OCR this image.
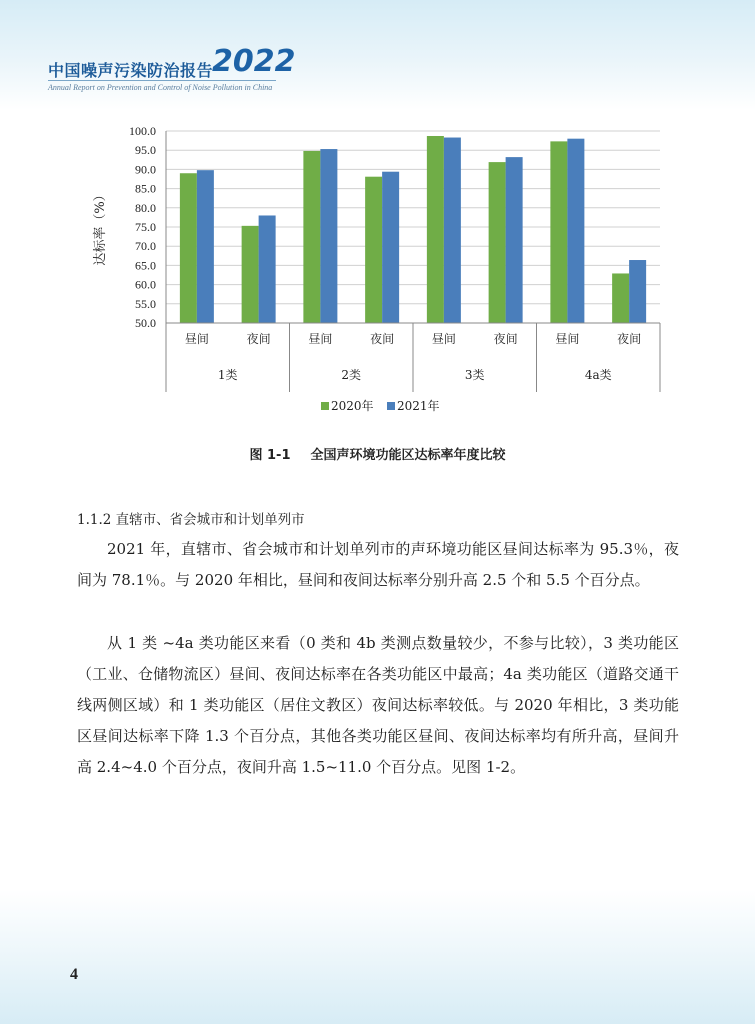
中国噪声污染防治报告
2022
Annual Report on Prevention and Control of Noise Pollution in China
100.0
95.0
90.0
85.0
80.0
75.0
70.0
65.0
60.0
55.0
50.0
达标率（%）
昼间	夜间	昼间	夜间	昼间	夜间	昼间	夜间
1类	2类	3类	4a类
2020年 2021年
图 1-1 全国声环境功能区达标率年度比较
1.1.2 直辖市、省会城市和计划单列市

2021 年，直辖市、省会城市和计划单列市的声环境功能区昼间达标率为 95.3％，夜间为 78.1％。与 2020 年相比，昼间和夜间达标率分别升高 2.5 个和 5.5 个百分点。

从 1 类 ~4a 类功能区来看（0 类和 4b 类测点数量较少，不参与比较），3 类功能区（工业、仓储物流区）昼间、夜间达标率在各类功能区中最高；4a 类功能区（道路交通干线两侧区域）和 1 类功能区（居住文教区）夜间达标率较低。与 2020 年相比，3 类功能区昼间达标率下降 1.3 个百分点，其他各类功能区昼间、夜间达标率均有所升高，昼间升高 2.4~4.0 个百分点，夜间升高 1.5~11.0 个百分点。见图 1-2。

4
